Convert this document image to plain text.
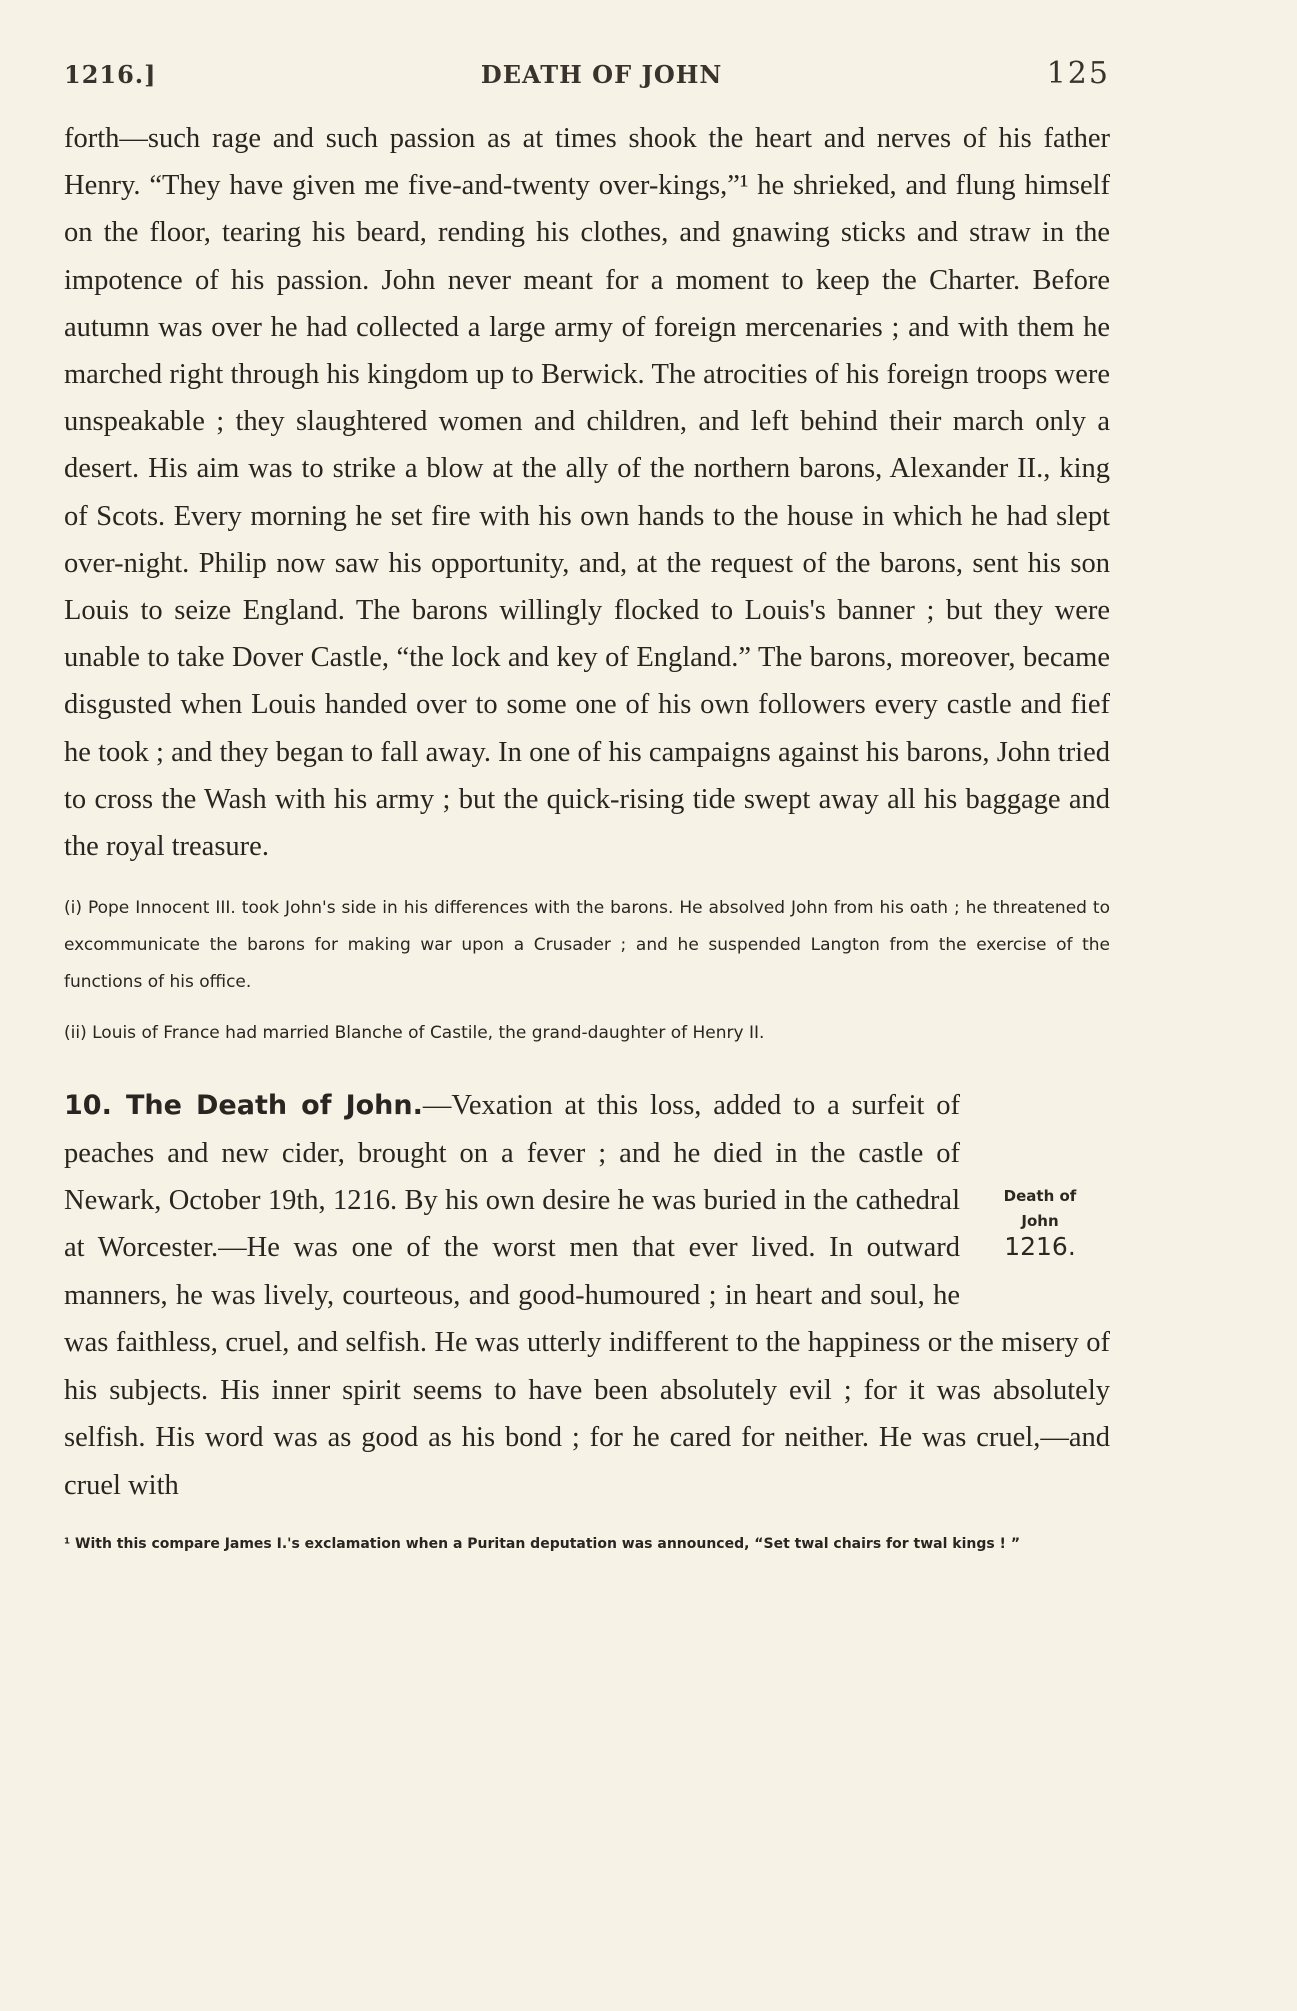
1216.]	DEATH OF JOHN	125

forth—such rage and such passion as at times shook the heart and nerves of his father Henry. “They have given me five-and-twenty over-kings,”¹ he shrieked, and flung himself on the floor, tearing his beard, rending his clothes, and gnawing sticks and straw in the impotence of his passion. John never meant for a moment to keep the Charter. Before autumn was over he had collected a large army of foreign mercenaries ; and with them he marched right through his kingdom up to Berwick. The atrocities of his foreign troops were unspeakable ; they slaughtered women and children, and left behind their march only a desert. His aim was to strike a blow at the ally of the northern barons, Alexander II., king of Scots. Every morning he set fire with his own hands to the house in which he had slept over-night. Philip now saw his opportunity, and, at the request of the barons, sent his son Louis to seize England. The barons willingly flocked to Louis's banner ; but they were unable to take Dover Castle, “the lock and key of England.” The barons, moreover, became disgusted when Louis handed over to some one of his own followers every castle and fief he took ; and they began to fall away. In one of his campaigns against his barons, John tried to cross the Wash with his army ; but the quick-rising tide swept away all his baggage and the royal treasure.

(i) Pope Innocent III. took John's side in his differences with the barons. He absolved John from his oath ; he threatened to excommunicate the barons for making war upon a Crusader ; and he suspended Langton from the exercise of the functions of his office.

(ii) Louis of France had married Blanche of Castile, the grand-daughter of Henry II.

10. The Death of John.—Vexation at this loss, added to a surfeit of peaches and new cider, brought on a fever ; and he died in the castle of Newark, October 19th, 1216. By his own desire he was buried in the cathedral at Worcester.—He was one of the worst men that ever lived. In outward manners, he was lively, courteous, and good-humoured ; in heart and soul, he was faithless, cruel, and selfish. He was utterly indifferent to the happiness or the misery of his subjects. His inner spirit seems to have been absolutely evil ; for it was absolutely selfish. His word was as good as his bond ; for he cared for neither. He was cruel,—and cruel with

¹ With this compare James I.'s exclamation when a Puritan deputation was announced, “Set twal chairs for twal kings ! ”
Death of
John
1216.
